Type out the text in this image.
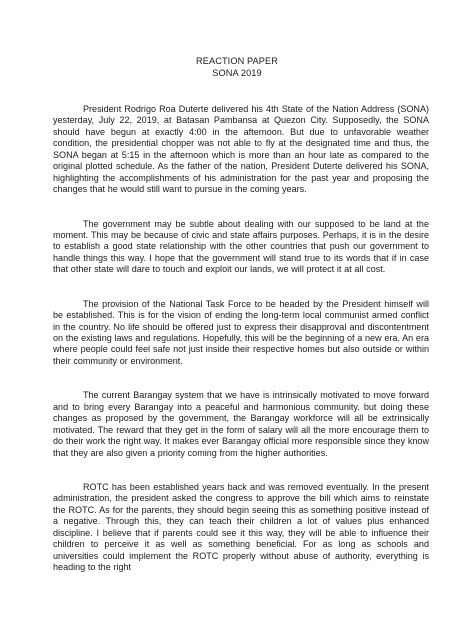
REACTION PAPER
SONA 2019

President Rodrigo Roa Duterte delivered his 4th State of the Nation Address (SONA) yesterday, July 22, 2019, at Batasan Pambansa at Quezon City. Supposedly, the SONA should have begun at exactly 4:00 in the afternoon. But due to unfavorable weather condition, the presidential chopper was not able to fly at the designated time and thus, the SONA began at 5:15 in the afternoon which is more than an hour late as compared to the original plotted schedule. As the father of the nation, President Duterte delivered his SONA, highlighting the accomplishments of his administration for the past year and proposing the changes that he would still want to pursue in the coming years.

The government may be subtle about dealing with our supposed to be land at the moment. This may be because of civic and state affairs purposes. Perhaps, it is in the desire to establish a good state relationship with the other countries that push our government to handle things this way. I hope that the government will stand true to its words that if in case that other state will dare to touch and exploit our lands, we will protect it at all cost.

The provision of the National Task Force to be headed by the President himself will be established. This is for the vision of ending the long-term local communist armed conflict in the country. No life should be offered just to express their disapproval and discontentment on the existing laws and regulations. Hopefully, this will be the beginning of a new era. An era where people could feel safe not just inside their respective homes but also outside or within their community or environment.

The current Barangay system that we have is intrinsically motivated to move forward and to bring every Barangay into a peaceful and harmonious community. but doing these changes as proposed by the government, the Barangay workforce will all be extrinsically motivated. The reward that they get in the form of salary will all the more encourage them to do their work the right way. It makes ever Barangay official more responsible since they know that they are also given a priority coming from the higher authorities.

ROTC has been established years back and was removed eventually. In the present administration, the president asked the congress to approve the bill which aims to reinstate the ROTC. As for the parents, they should begin seeing this as something positive instead of a negative. Through this, they can teach their children a lot of values plus enhanced discipline. I believe that if parents could see it this way, they will be able to influence their children to perceive it as well as something beneficial. For as long as schools and universities could implement the ROTC properly without abuse of authority, everything is heading to the right
